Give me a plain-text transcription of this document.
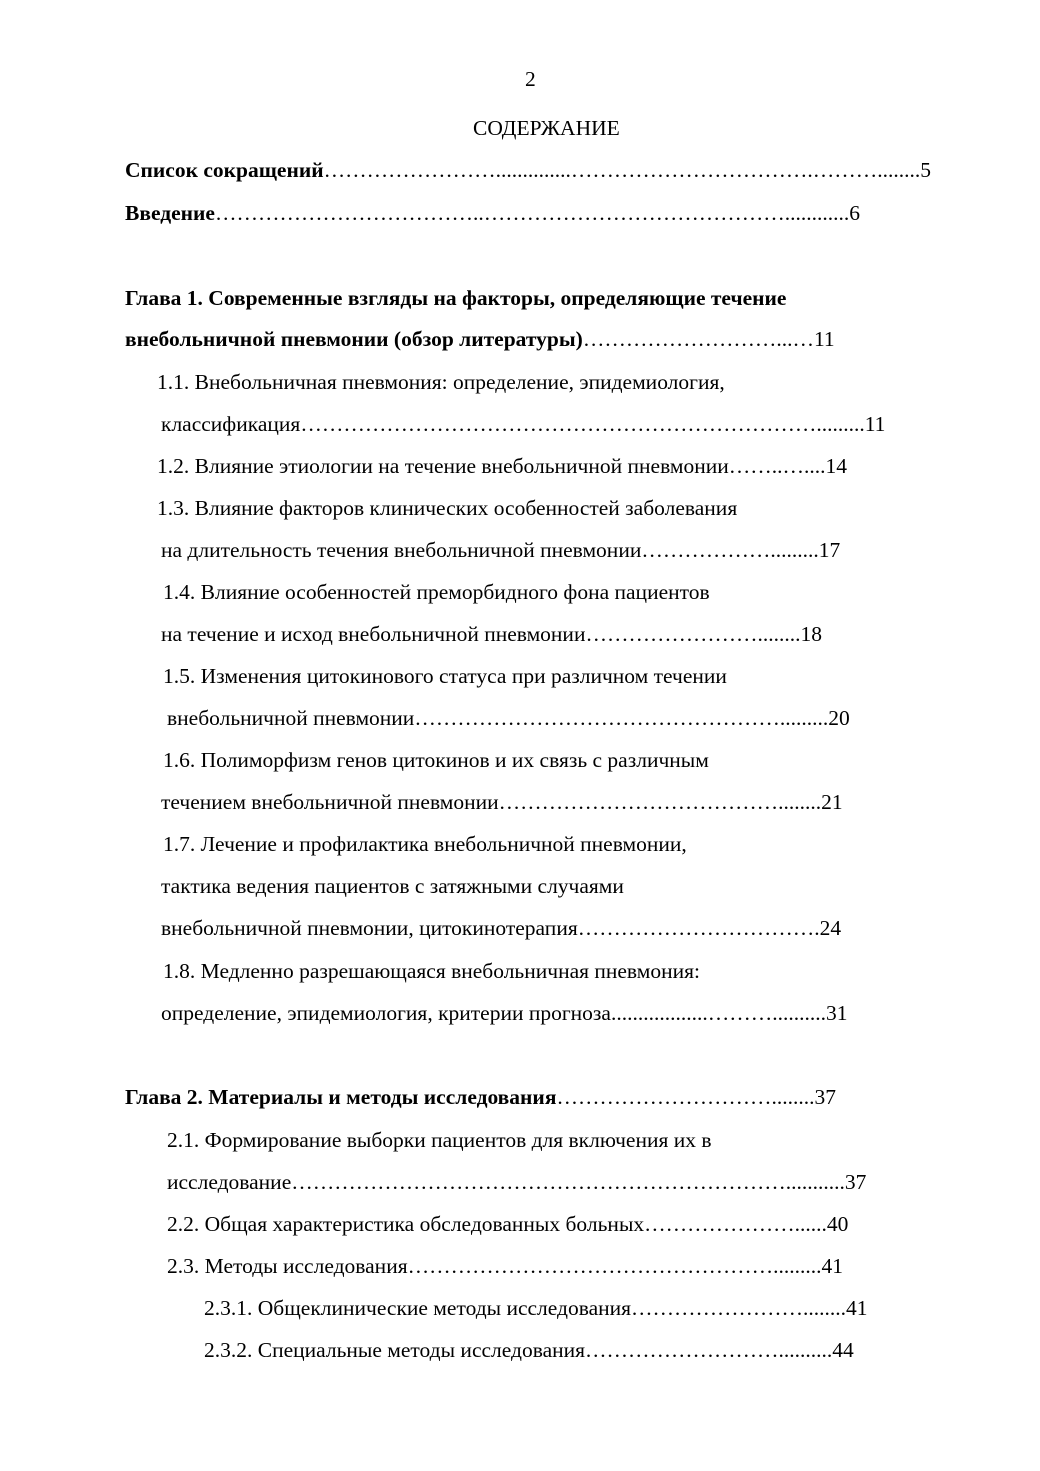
2
СОДЕРЖАНИЕ
Список сокращений……………………..............…………………………….………........5
Введение………………………………..……………………………………............6
Глава 1. Современные взгляды на факторы, определяющие течение
внебольничной пневмонии (обзор литературы)………………………...…11
1.1. Внебольничная пневмония: определение, эпидемиология,
классификация……………………………………………………………….........11
1.2. Влияние этиологии на течение внебольничной пневмонии……..…....14
1.3. Влияние факторов клинических особенностей заболевания
на длительность течения внебольничной пневмонии……………….........17
1.4. Влияние особенностей преморбидного фона пациентов
на течение и исход внебольничной пневмонии……………………........18
1.5. Изменения цитокинового статуса при различном течении
внебольничной пневмонии…………………………………………….........20
1.6. Полиморфизм генов цитокинов и их связь с различным
течением внебольничной пневмонии…………………………………........21
1.7. Лечение и профилактика внебольничной пневмонии,
тактика ведения пациентов с затяжными случаями
внебольничной пневмонии, цитокинотерапия…………………………….24
1.8. Медленно разрешающаяся внебольничная пневмония:
определение, эпидемиология, критерии прогноза..................………..........31
Глава 2. Материалы и методы исследования…………………………........37
2.1. Формирование выборки пациентов для включения их в
исследование……………………………………………………………...........37
2.2. Общая характеристика обследованных больных…………………......40
2.3. Методы исследования…………………………………………….........41
2.3.1. Общеклинические методы исследования……………………........41
2.3.2. Специальные методы исследования………………………..........44
